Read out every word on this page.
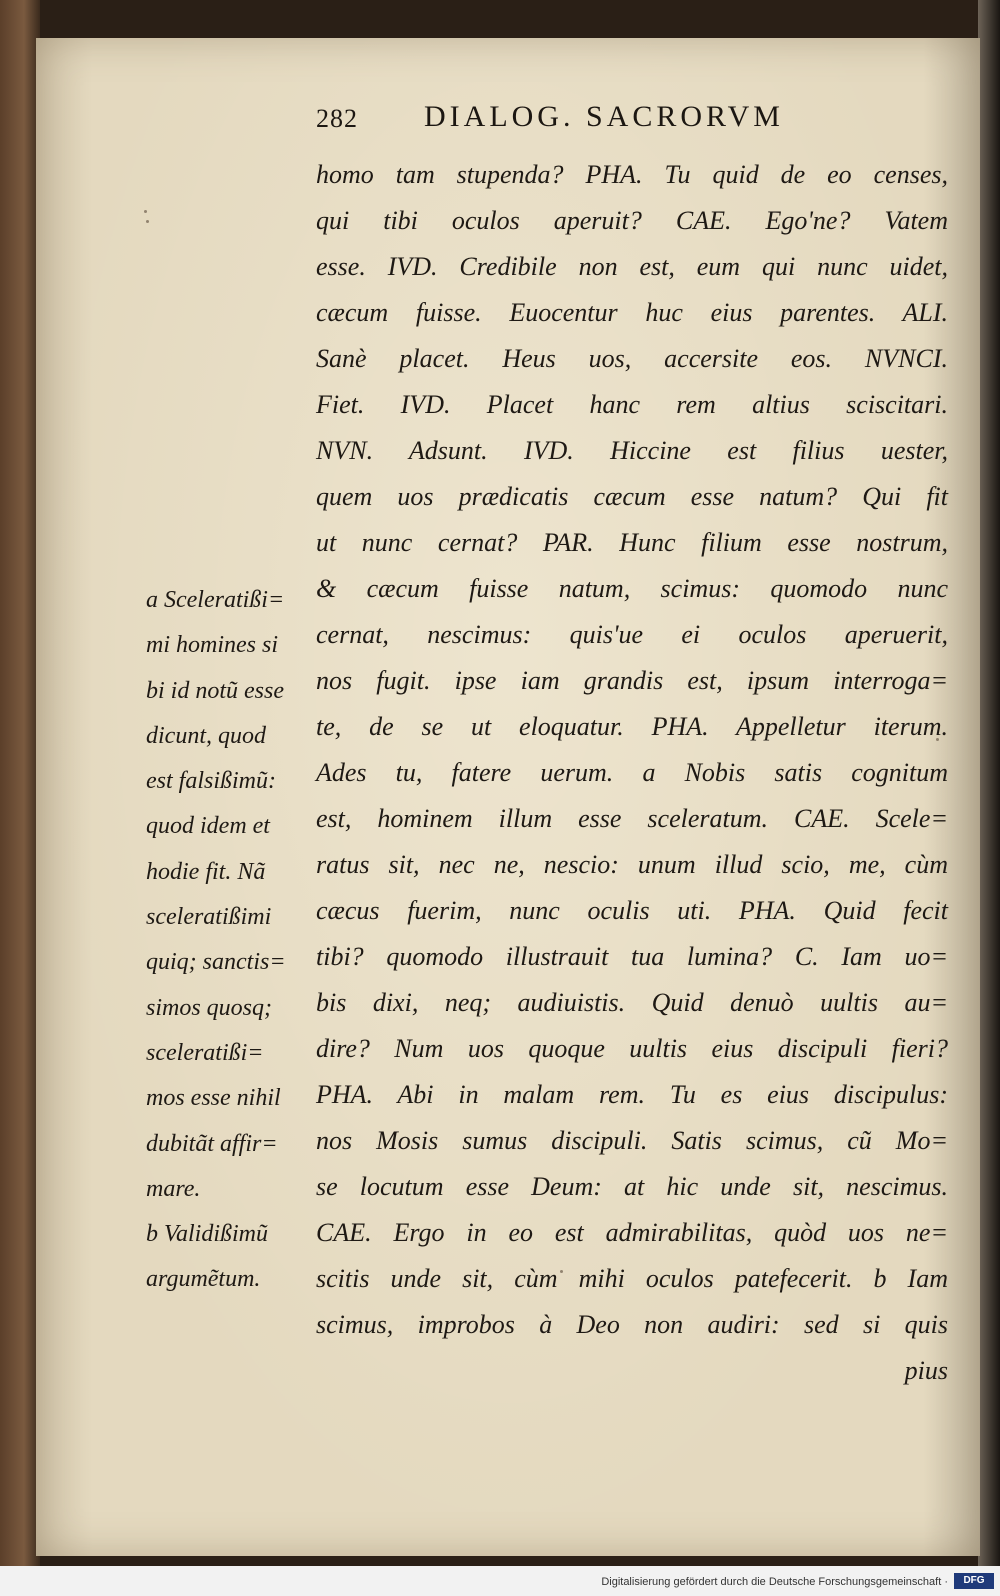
282 DIALOG. SACRORVM
homo tam stupenda? PHA. Tu quid de eo censes,
qui tibi oculos aperuit? CAE. Ego'ne? Vatem
esse. IVD. Credibile non est, eum qui nunc uidet,
cæcum fuisse. Euocentur huc eius parentes. ALI.
Sanè placet. Heus uos, accersite eos. NVNCI.
Fiet. IVD. Placet hanc rem altius sciscitari.
NVN. Adsunt. IVD. Hiccine est filius uester,
quem uos prædicatis cæcum esse natum? Qui fit
ut nunc cernat? PAR. Hunc filium esse nostrum,
& cæcum fuisse natum, scimus: quomodo nunc
cernat, nescimus: quis'ue ei oculos aperuerit,
nos fugit. ipse iam grandis est, ipsum interroga=
te, de se ut eloquatur. PHA. Appelletur iterum.
Ades tu, fatere uerum. a Nobis satis cognitum
est, hominem illum esse sceleratum. CAE. Scele=
ratus sit, nec ne, nescio: unum illud scio, me, cùm
cæcus fuerim, nunc oculis uti. PHA. Quid fecit
tibi? quomodo illustrauit tua lumina? C. Iam uo=
bis dixi, neq; audiuistis. Quid denuò uultis au=
dire? Num uos quoque uultis eius discipuli fieri?
PHA. Abi in malam rem. Tu es eius discipulus:
nos Mosis sumus discipuli. Satis scimus, cũ Mo=
se locutum esse Deum: at hic unde sit, nescimus.
CAE. Ergo in eo est admirabilitas, quòd uos ne=
scitis unde sit, cùm mihi oculos patefecerit. b Iam
scimus, improbos à Deo non audiri: sed si quis
pius
a Sceleratißi=
mi homines si
bi id notũ esse
dicunt, quod
est falsißimũ:
quod idem et
hodie fit. Nã
sceleratißimi
quiq; sanctis=
simos quosq;
sceleratißi=
mos esse nihil
dubitãt affir=
mare.
b Validißimũ
argumẽtum.
Digitalisierung gefördert durch die Deutsche Forschungsgemeinschaft ·	DFG
